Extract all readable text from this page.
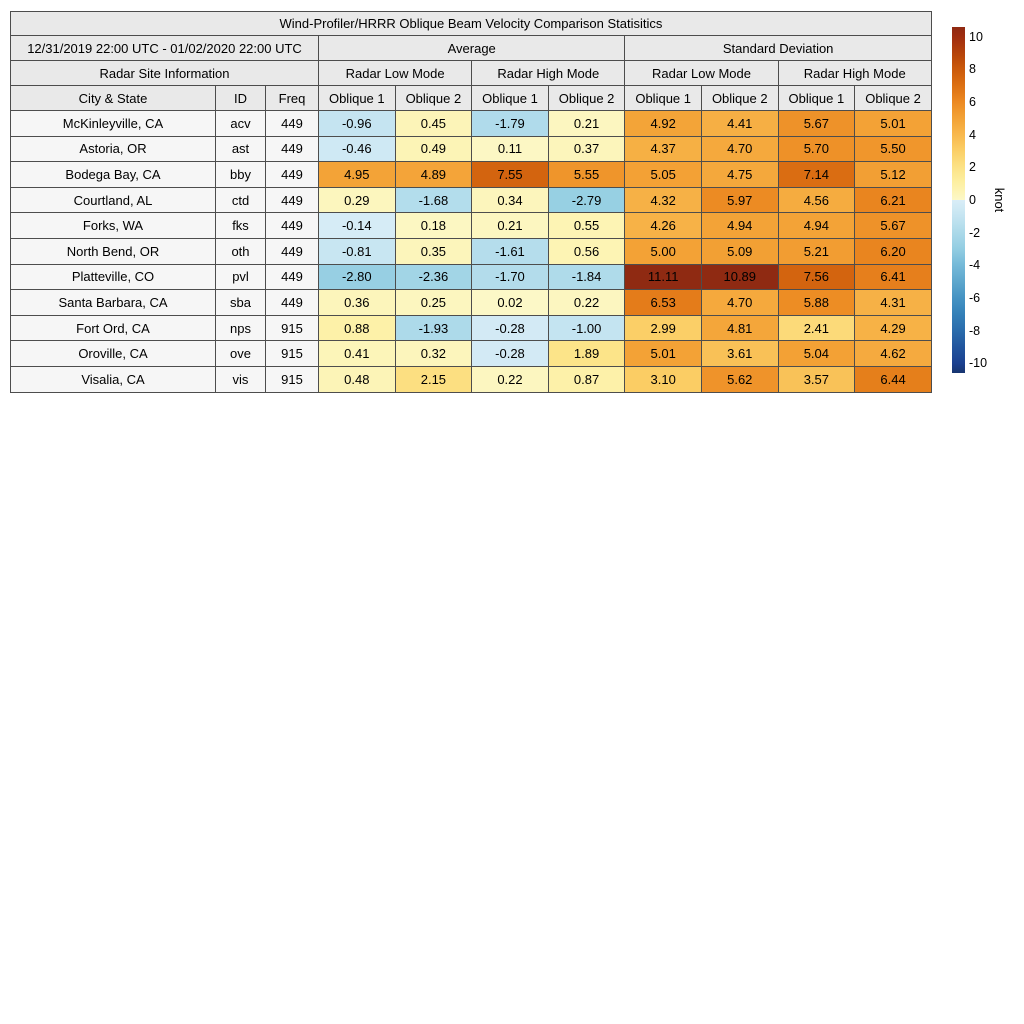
Wind-Profiler/HRRR Oblique Beam Velocity Comparison Statisitics										
12/31/2019 22:00 UTC - 01/02/2020 22:00 UTC			Average				Standard Deviation			
Radar Site Information			Radar Low Mode		Radar High Mode		Radar Low Mode		Radar High Mode	
City & State	ID	Freq	Oblique 1	Oblique 2	Oblique 1	Oblique 2	Oblique 1	Oblique 2	Oblique 1	Oblique 2
McKinleyville, CA	acv	449	-0.96	0.45	-1.79	0.21	4.92	4.41	5.67	5.01
Astoria, OR	ast	449	-0.46	0.49	0.11	0.37	4.37	4.70	5.70	5.50
Bodega Bay, CA	bby	449	4.95	4.89	7.55	5.55	5.05	4.75	7.14	5.12
Courtland, AL	ctd	449	0.29	-1.68	0.34	-2.79	4.32	5.97	4.56	6.21
Forks, WA	fks	449	-0.14	0.18	0.21	0.55	4.26	4.94	4.94	5.67
North Bend, OR	oth	449	-0.81	0.35	-1.61	0.56	5.00	5.09	5.21	6.20
Platteville, CO	pvl	449	-2.80	-2.36	-1.70	-1.84	11.11	10.89	7.56	6.41
Santa Barbara, CA	sba	449	0.36	0.25	0.02	0.22	6.53	4.70	5.88	4.31
Fort Ord, CA	nps	915	0.88	-1.93	-0.28	-1.00	2.99	4.81	2.41	4.29
Oroville, CA	ove	915	0.41	0.32	-0.28	1.89	5.01	3.61	5.04	4.62
Visalia, CA	vis	915	0.48	2.15	0.22	0.87	3.10	5.62	3.57	6.44
10
8
6
4
2
0
-2
-4
-6
-8
-10
knot
